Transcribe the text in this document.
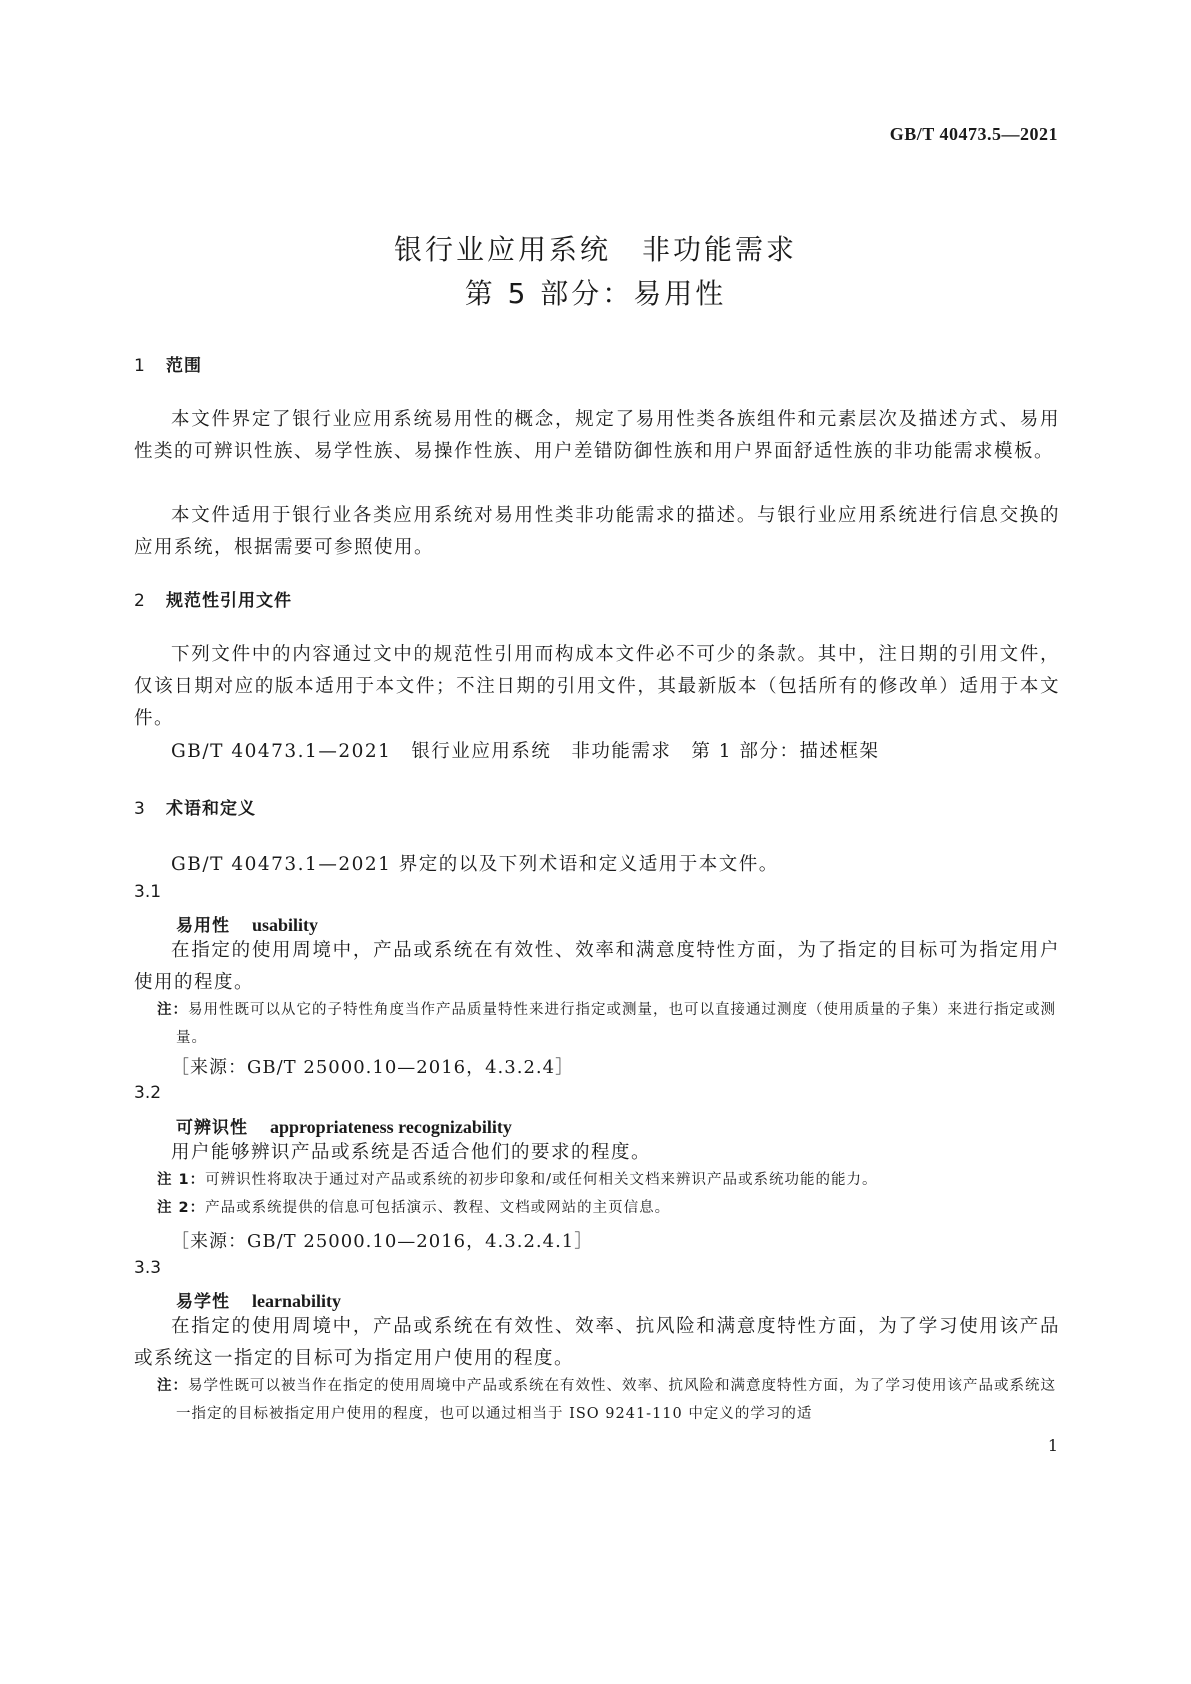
GB/T 40473.5—2021
银行业应用系统　非功能需求
第 5 部分：易用性
1 范围

本文件界定了银行业应用系统易用性的概念，规定了易用性类各族组件和元素层次及描述方式、易用性类的可辨识性族、易学性族、易操作性族、用户差错防御性族和用户界面舒适性族的非功能需求模板。

本文件适用于银行业各类应用系统对易用性类非功能需求的描述。与银行业应用系统进行信息交换的应用系统，根据需要可参照使用。

2 规范性引用文件

下列文件中的内容通过文中的规范性引用而构成本文件必不可少的条款。其中，注日期的引用文件，仅该日期对应的版本适用于本文件；不注日期的引用文件，其最新版本（包括所有的修改单）适用于本文件。

GB/T 40473.1—2021　银行业应用系统　非功能需求　第 1 部分：描述框架
3 术语和定义
GB/T 40473.1—2021 界定的以及下列术语和定义适用于本文件。
3.1
易用性 usability

在指定的使用周境中，产品或系统在有效性、效率和满意度特性方面，为了指定的目标可为指定用户使用的程度。

注：易用性既可以从它的子特性角度当作产品质量特性来进行指定或测量，也可以直接通过测度（使用质量的子集）来进行指定或测量。

［来源：GB/T 25000.10—2016，4.3.2.4］
3.2
可辨识性 appropriateness recognizability

用户能够辨识产品或系统是否适合他们的要求的程度。

注 1：可辨识性将取决于通过对产品或系统的初步印象和/或任何相关文档来辨识产品或系统功能的能力。

注 2：产品或系统提供的信息可包括演示、教程、文档或网站的主页信息。

［来源：GB/T 25000.10—2016，4.3.2.4.1］
3.3
易学性 learnability

在指定的使用周境中，产品或系统在有效性、效率、抗风险和满意度特性方面，为了学习使用该产品或系统这一指定的目标可为指定用户使用的程度。

注：易学性既可以被当作在指定的使用周境中产品或系统在有效性、效率、抗风险和满意度特性方面，为了学习使用该产品或系统这一指定的目标被指定用户使用的程度，也可以通过相当于 ISO 9241-110 中定义的学习的适

1
